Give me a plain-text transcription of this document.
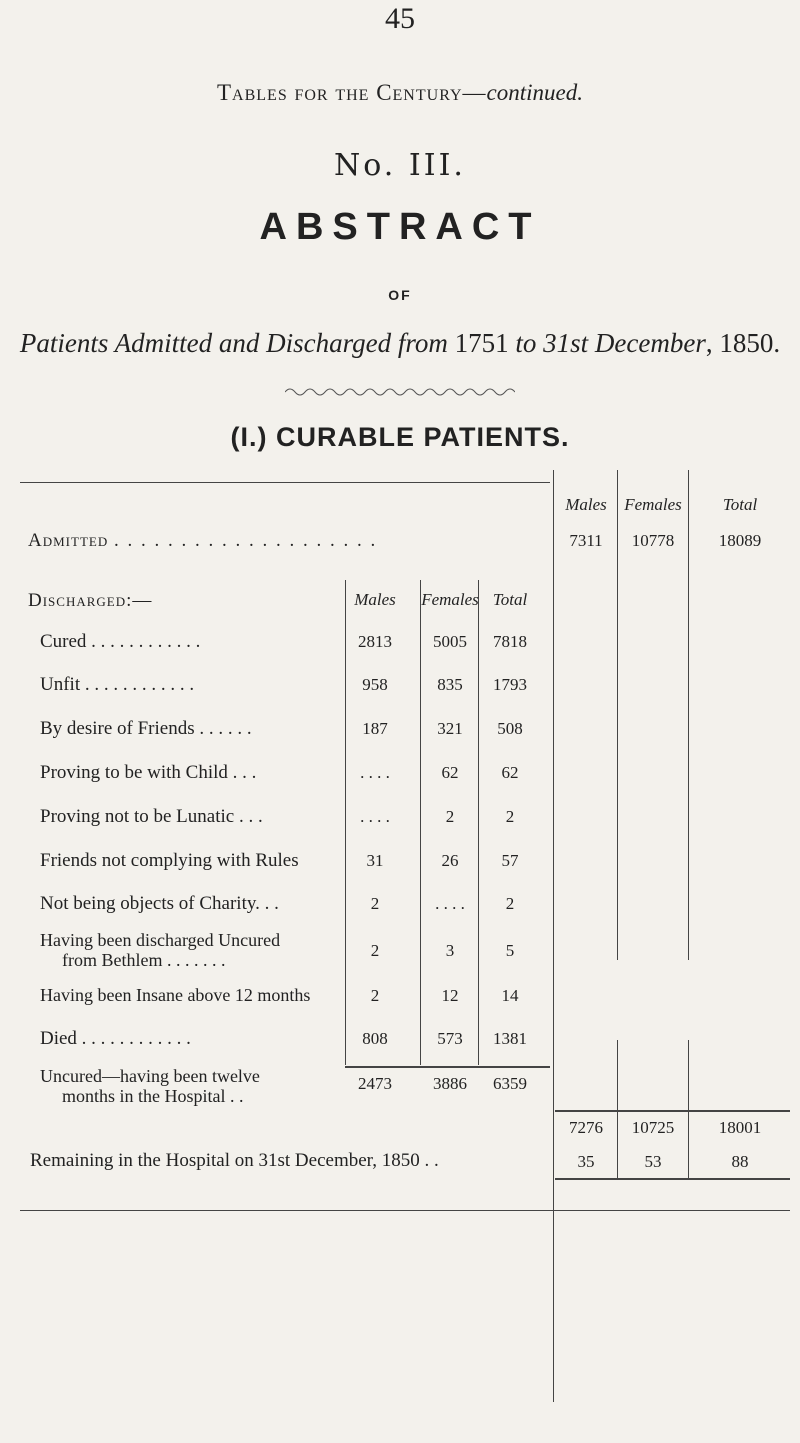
45
Tables for the Century—continued.
No. III.
ABSTRACT
OF
Patients Admitted and Discharged from 1751 to 31st December, 1850.
(I.) CURABLE PATIENTS.
Males	Females	Total
Admitted . . . . . . . . . . . . . . . . . . . .	7311	10778	18089
Discharged:—	Males	Females Total
Cured . . . . . . . . . . . .	2813	5005	7818
Unfit . . . . . . . . . . . .	958	835	1793
By desire of Friends . . . . . .	187	321	508
Proving to be with Child . . .	. . . .	62	62
Proving not to be Lunatic . . .	. . . .	2	2
Friends not complying with Rules	31	26	57
Not being objects of Charity. . .	2	. . . .	2
Having been discharged Uncured
from Bethlem . . . . . . .	2	3	5
Having been Insane above 12 months	2	12	14
Died . . . . . . . . . . . .	808	573	1381
Uncured—having been twelve
months in the Hospital . .
2473	3886	6359
7276	10725	18001
Remaining in the Hospital on 31st December, 1850 . .	35	53	88
